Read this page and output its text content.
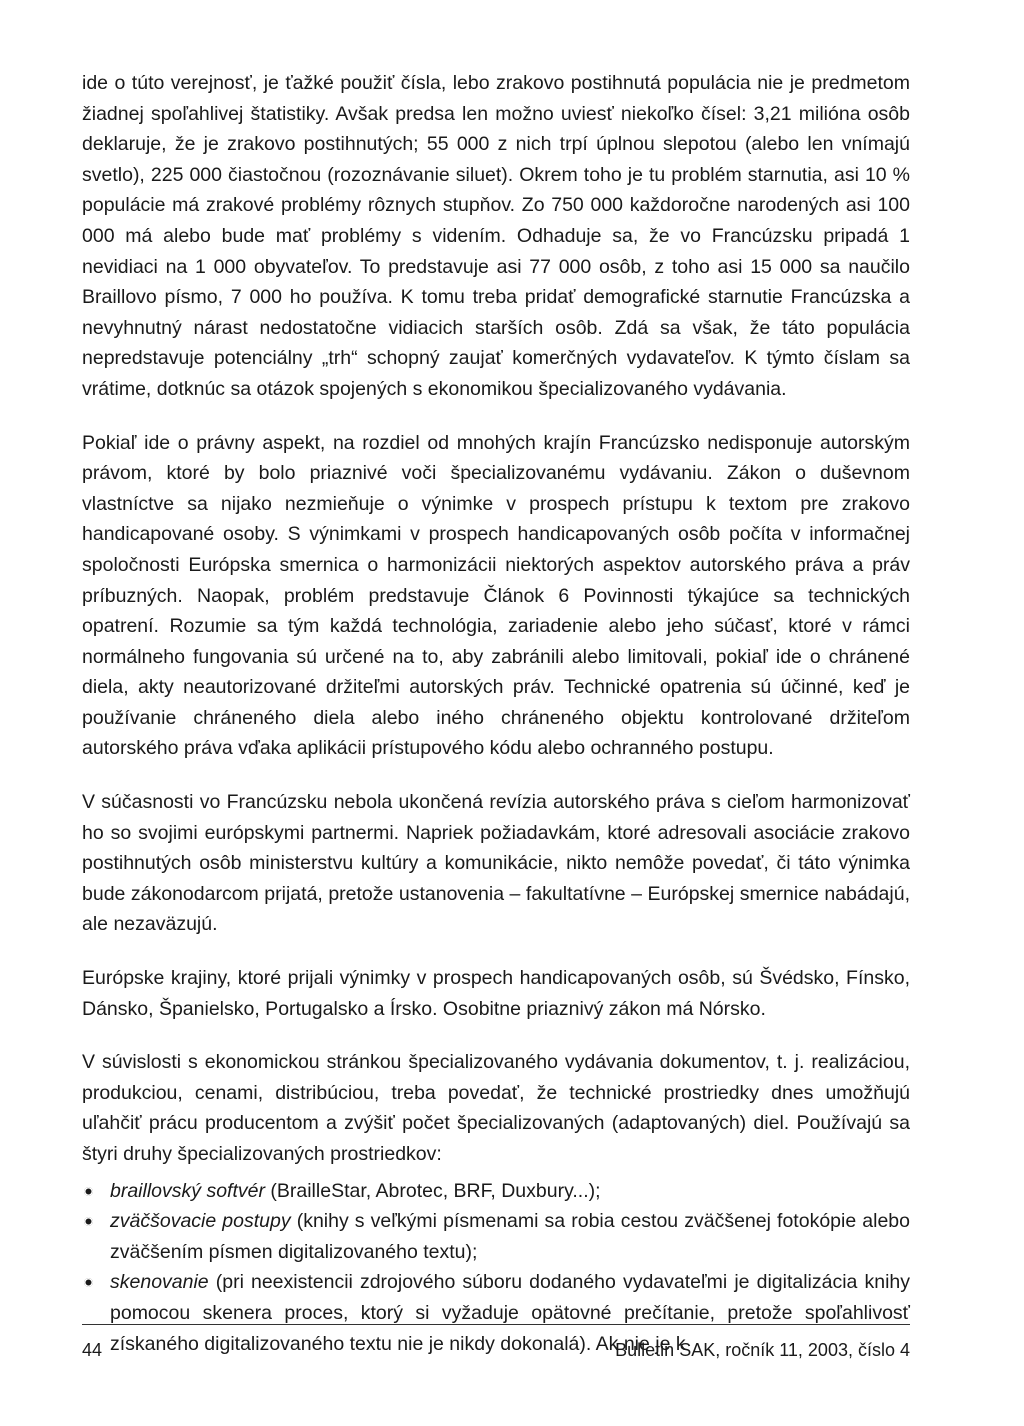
ide o túto verejnosť, je ťažké použiť čísla, lebo zrakovo postihnutá populácia nie je predmetom žiadnej spoľahlivej štatistiky. Avšak predsa len možno uviesť niekoľko čísel: 3,21 milióna osôb deklaruje, že je zrakovo postihnutých; 55 000 z nich trpí úplnou slepotou (alebo len vnímajú svetlo), 225 000 čiastočnou (rozoznávanie siluet). Okrem toho je tu problém starnutia, asi 10 % populácie má zrakové problémy rôznych stupňov. Zo 750 000 každoročne narodených asi 100 000 má alebo bude mať problémy s videním. Odhaduje sa, že vo Francúzsku pripadá 1 nevidiaci na 1 000 obyvateľov. To predstavuje asi 77 000 osôb, z toho asi 15 000 sa naučilo Braillovo písmo, 7 000 ho používa. K tomu treba pridať demografické starnutie Francúzska a nevyhnutný nárast nedostatočne vidiacich starších osôb. Zdá sa však, že táto populácia nepredstavuje potenciálny „trh“ schopný zaujať komerčných vydavateľov. K týmto číslam sa vrátime, dotknúc sa otázok spojených s ekonomikou špecializovaného vydávania.

Pokiaľ ide o právny aspekt, na rozdiel od mnohých krajín Francúzsko nedisponuje autorským právom, ktoré by bolo priaznivé voči špecializovanému vydávaniu. Zákon o duševnom vlastníctve sa nijako nezmieňuje o výnimke v prospech prístupu k textom pre zrakovo handicapované osoby. S výnimkami v prospech handicapovaných osôb počíta v informačnej spoločnosti Európska smernica o harmonizácii niektorých aspektov autorského práva a práv príbuzných. Naopak, problém predstavuje Článok 6 Povinnosti týkajúce sa technických opatrení. Rozumie sa tým každá technológia, zariadenie alebo jeho súčasť, ktoré v rámci normálneho fungovania sú určené na to, aby zabránili alebo limitovali, pokiaľ ide o chránené diela, akty neautorizované držiteľmi autorských práv. Technické opatrenia sú účinné, keď je používanie chráneného diela alebo iného chráneného objektu kontrolované držiteľom autorského práva vďaka aplikácii prístupového kódu alebo ochranného postupu.

V súčasnosti vo Francúzsku nebola ukončená revízia autorského práva s cieľom harmonizovať ho so svojimi európskymi partnermi. Napriek požiadavkám, ktoré adresovali asociácie zrakovo postihnutých osôb ministerstvu kultúry a komunikácie, nikto nemôže povedať, či táto výnimka bude zákonodarcom prijatá, pretože ustanovenia – fakultatívne – Európskej smernice nabádajú, ale nezaväzujú.

Európske krajiny, ktoré prijali výnimky v prospech handicapovaných osôb, sú Švédsko, Fínsko, Dánsko, Španielsko, Portugalsko a Írsko. Osobitne priaznivý zákon má Nórsko.

V súvislosti s ekonomickou stránkou špecializovaného vydávania dokumentov, t. j. realizáciou, produkciou, cenami, distribúciou, treba povedať, že technické prostriedky dnes umožňujú uľahčiť prácu producentom a zvýšiť počet špecializovaných (adaptovaných) diel. Používajú sa štyri druhy špecializovaných prostriedkov:

braillovský softvér (BrailleStar, Abrotec, BRF, Duxbury...);
zväčšovacie postupy (knihy s veľkými písmenami sa robia cestou zväčšenej fotokópie alebo zväčšením písmen digitalizovaného textu);
skenovanie (pri neexistencii zdrojového súboru dodaného vydavateľmi je digitalizácia knihy pomocou skenera proces, ktorý si vyžaduje opätovné prečítanie, pretože spoľahlivosť získaného digitalizovaného textu nie je nikdy dokonalá). Ak nie je k
44	Bulletin SAK, ročník 11, 2003, číslo 4
